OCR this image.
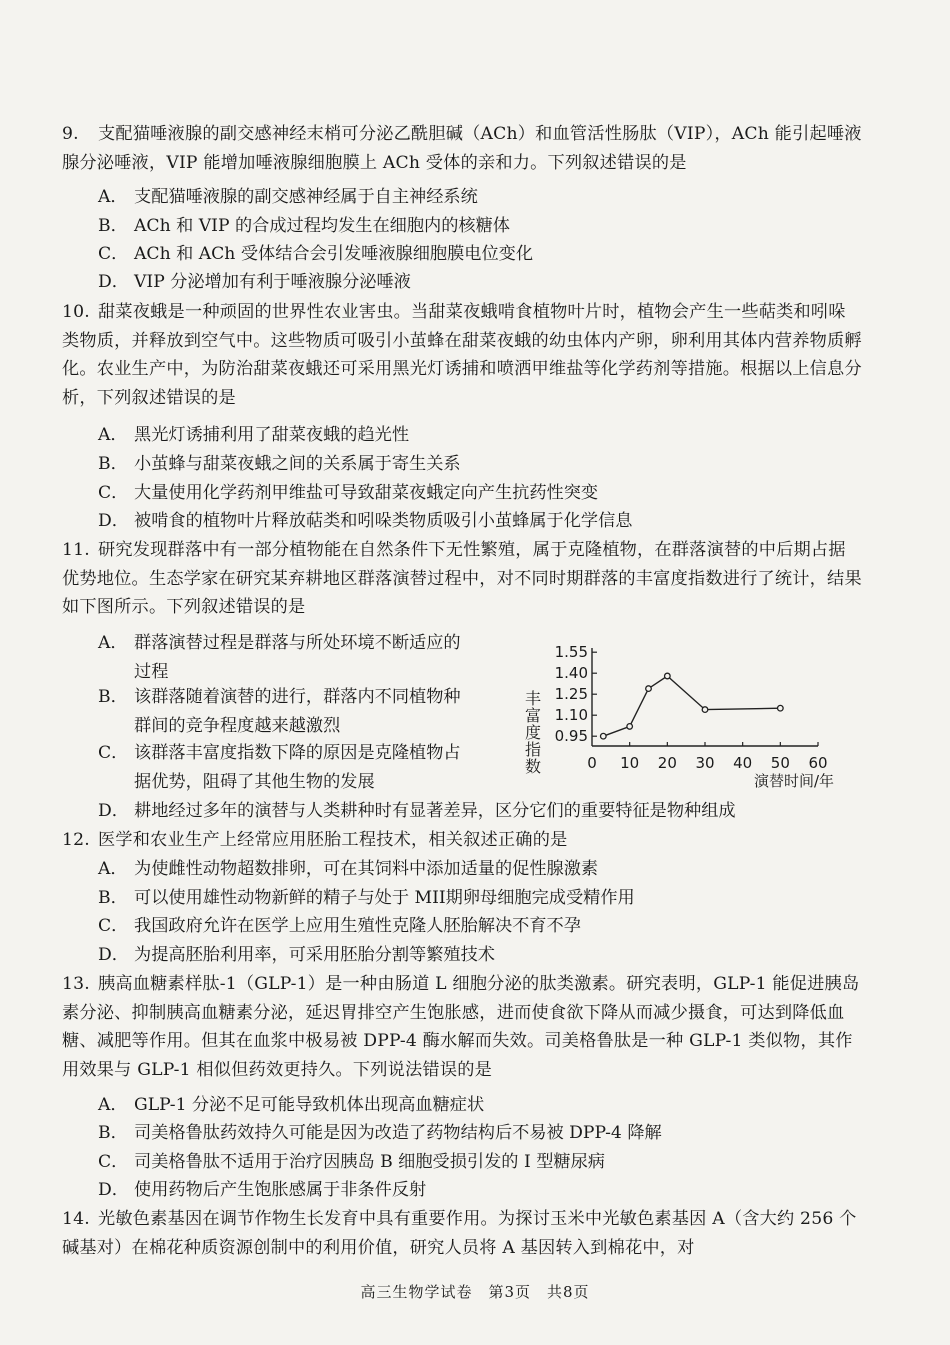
9. 支配猫唾液腺的副交感神经末梢可分泌乙酰胆碱（ACh）和血管活性肠肽（VIP），ACh 能引起唾液腺分泌唾液，VIP 能增加唾液腺细胞膜上 ACh 受体的亲和力。下列叙述错误的是
A． 支配猫唾液腺的副交感神经属于自主神经系统
B． ACh 和 VIP 的合成过程均发生在细胞内的核糖体
C． ACh 和 ACh 受体结合会引发唾液腺细胞膜电位变化
D． VIP 分泌增加有利于唾液腺分泌唾液
10. 甜菜夜蛾是一种顽固的世界性农业害虫。当甜菜夜蛾啃食植物叶片时，植物会产生一些萜类和吲哚类物质，并释放到空气中。这些物质可吸引小茧蜂在甜菜夜蛾的幼虫体内产卵，卵利用其体内营养物质孵化。农业生产中，为防治甜菜夜蛾还可采用黑光灯诱捕和喷洒甲维盐等化学药剂等措施。根据以上信息分析，下列叙述错误的是
A． 黑光灯诱捕利用了甜菜夜蛾的趋光性
B． 小茧蜂与甜菜夜蛾之间的关系属于寄生关系
C． 大量使用化学药剂甲维盐可导致甜菜夜蛾定向产生抗药性突变
D． 被啃食的植物叶片释放萜类和吲哚类物质吸引小茧蜂属于化学信息
11. 研究发现群落中有一部分植物能在自然条件下无性繁殖，属于克隆植物，在群落演替的中后期占据优势地位。生态学家在研究某弃耕地区群落演替过程中，对不同时期群落的丰富度指数进行了统计，结果如下图所示。下列叙述错误的是
A． 群落演替过程是群落与所处环境不断适应的过程
B． 该群落随着演替的进行，群落内不同植物种群间的竞争程度越来越激烈
C． 该群落丰富度指数下降的原因是克隆植物占据优势，阻碍了其他生物的发展
D． 耕地经过多年的演替与人类耕种时有显著差异，区分它们的重要特征是物种组成
丰富度指数 0.95
1.10
1.25
1.40
1.55
0 10 20 30 40 50 60
演替时间/年
12. 医学和农业生产上经常应用胚胎工程技术，相关叙述正确的是
A． 为使雌性动物超数排卵，可在其饲料中添加适量的促性腺激素
B． 可以使用雄性动物新鲜的精子与处于 MII期卵母细胞完成受精作用
C． 我国政府允许在医学上应用生殖性克隆人胚胎解决不育不孕
D． 为提高胚胎利用率，可采用胚胎分割等繁殖技术
13. 胰高血糖素样肽-1（GLP-1）是一种由肠道 L 细胞分泌的肽类激素。研究表明，GLP-1 能促进胰岛素分泌、抑制胰高血糖素分泌，延迟胃排空产生饱胀感，进而使食欲下降从而减少摄食，可达到降低血糖、减肥等作用。但其在血浆中极易被 DPP-4 酶水解而失效。司美格鲁肽是一种 GLP-1 类似物，其作用效果与 GLP-1 相似但药效更持久。下列说法错误的是
A． GLP-1 分泌不足可能导致机体出现高血糖症状
B． 司美格鲁肽药效持久可能是因为改造了药物结构后不易被 DPP-4 降解
C． 司美格鲁肽不适用于治疗因胰岛 B 细胞受损引发的 I 型糖尿病
D． 使用药物后产生饱胀感属于非条件反射
14. 光敏色素基因在调节作物生长发育中具有重要作用。为探讨玉米中光敏色素基因 A（含大约 256 个碱基对）在棉花种质资源创制中的利用价值，研究人员将 A 基因转入到棉花中，对
高三生物学试卷　第3页　共8页
